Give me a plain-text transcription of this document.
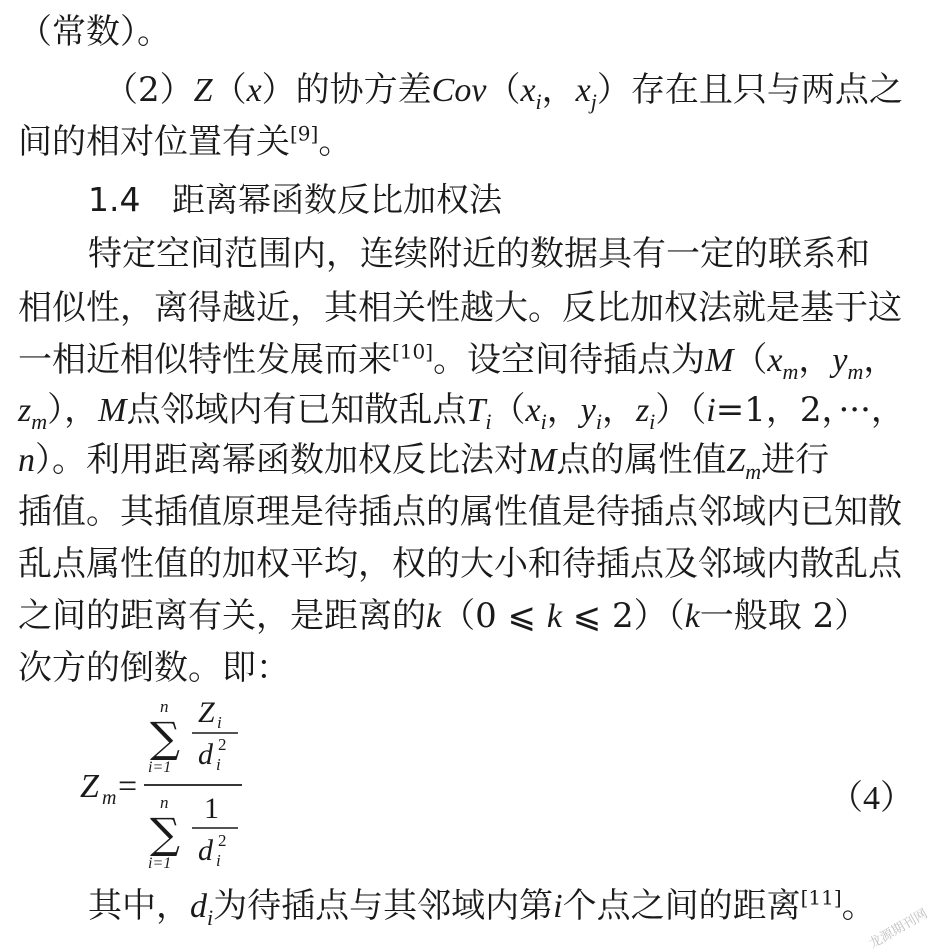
（常数）。
（2）Z（x）的协方差$Cov(x_i$，$x_j$）存在且只与两点之
间的相对位置有关[9]。
1.4 距离幂函数反比加权法
特定空间范围内，连续附近的数据具有一定的联系和
相似性，离得越近，其相关性越大。反比加权法就是基于这
一相近相似特性发展而来[10]。设空间待插点为$M(x_m$，$y_m$，
$z_m$），M点邻域内有已知散乱点$T_i(x_i$，$y_i$，$z_i)(i=1$，2，···，
n）。利用距离幂函数加权反比法对M点的属性值$Z_m$进行
插值。其插值原理是待插点的属性值是待插点邻域内已知散
乱点属性值的加权平均，权的大小和待插点及邻域内散乱点
之间的距离有关，是距离的k（0 ⩽ k ⩽ 2）（k一般取 2）
次方的倒数。即：
Z m =
n
∑
i=1
Z i
d i
2
n
∑
i=1
1
d i
2
（4）
其中，$d_i$为待插点与其邻域内第i个点之间的距离[11]。
龙源期刊网
